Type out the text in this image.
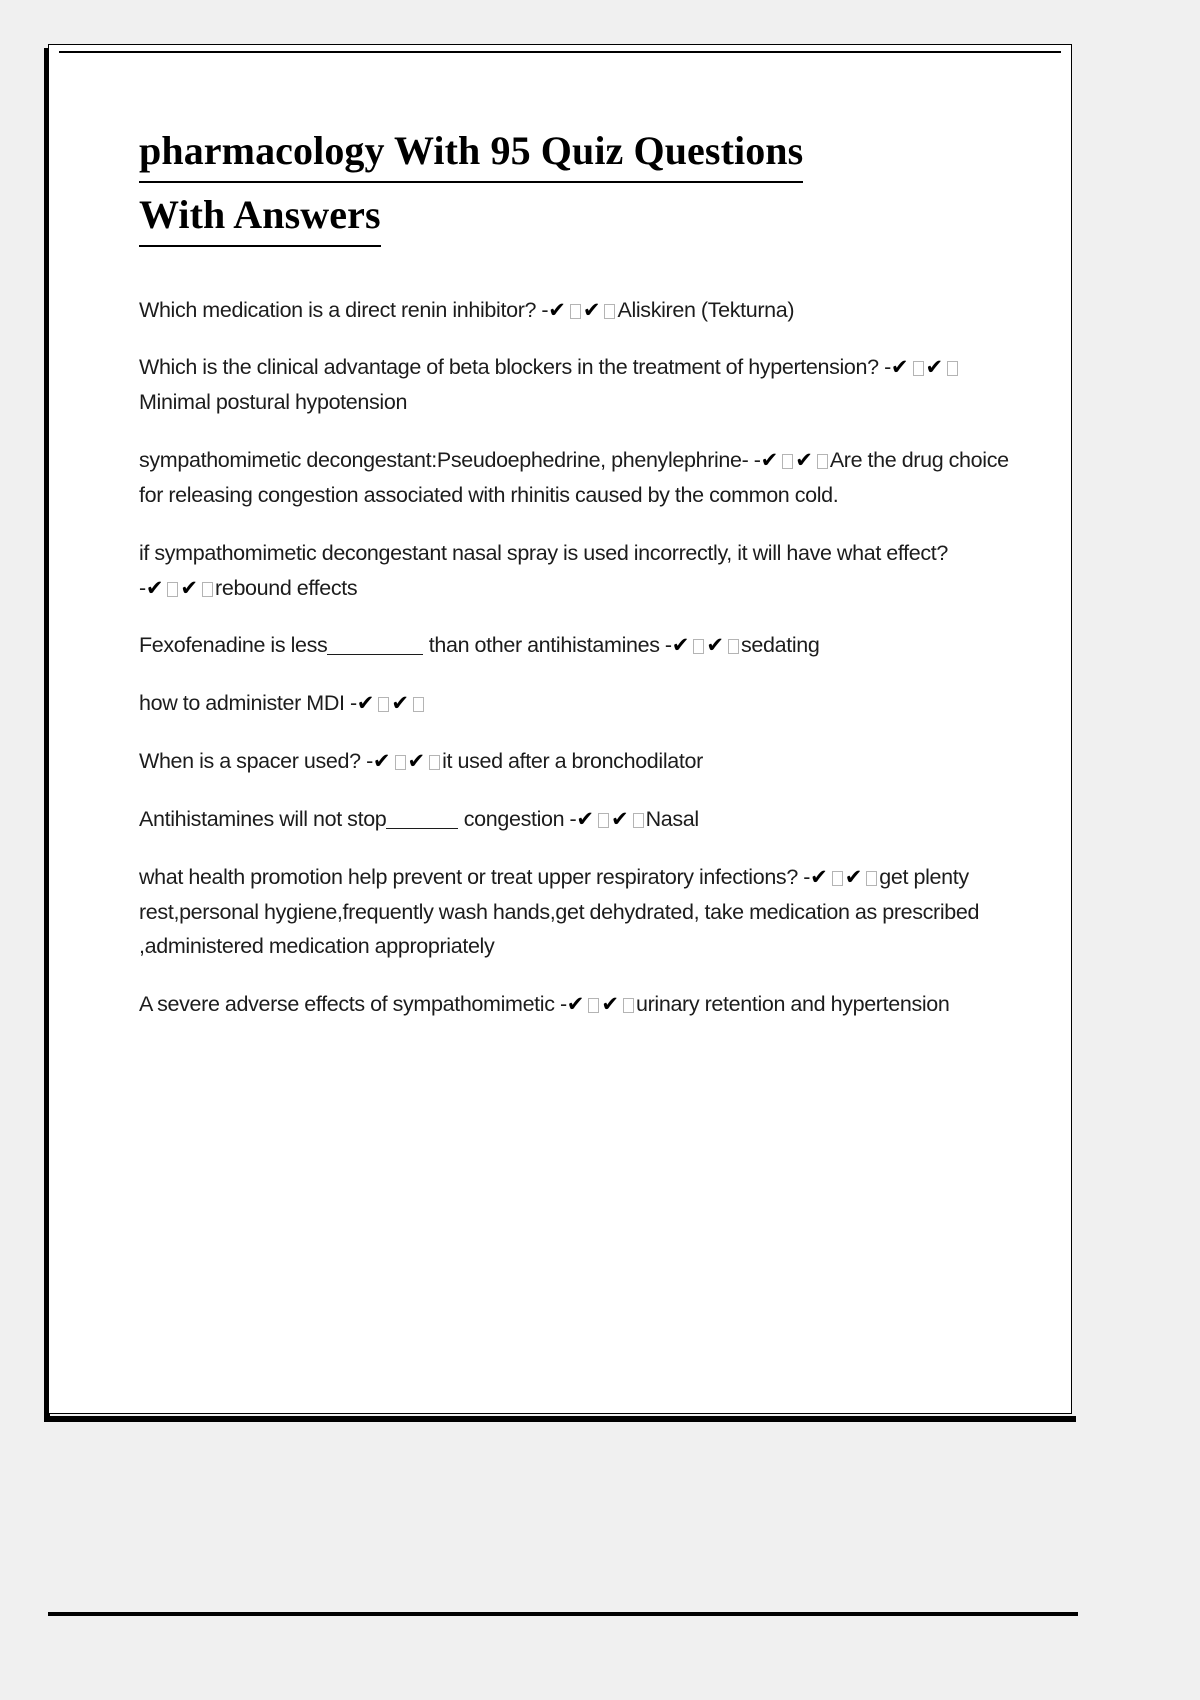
pharmacology With 95 Quiz Questions
With Answers

Which medication is a direct renin inhibitor? -✔ ✔ Aliskiren (Tekturna)

Which is the clinical advantage of beta blockers in the treatment of hypertension? -✔ ✔Minimal postural hypotension

sympathomimetic decongestant:Pseudoephedrine, phenylephrine- -✔ ✔ Are the drug choice for releasing congestion associated with rhinitis caused by the common cold.

if sympathomimetic decongestant nasal spray is used incorrectly, it will have what effect? -✔ ✔ rebound effects

Fexofenadine is less	than other antihistamines -✔ ✔ sedating

how to administer MDI -✔ ✔

When is a spacer used? -✔ ✔ it used after a bronchodilator

Antihistamines will not stop	congestion -✔ ✔ Nasal

what health promotion help prevent or treat upper respiratory infections? -✔ ✔ get plenty rest,personal hygiene,frequently wash hands,get dehydrated, take medication as prescribed ,administered medication appropriately

A severe adverse effects of sympathomimetic -✔ ✔ urinary retention and hypertension
